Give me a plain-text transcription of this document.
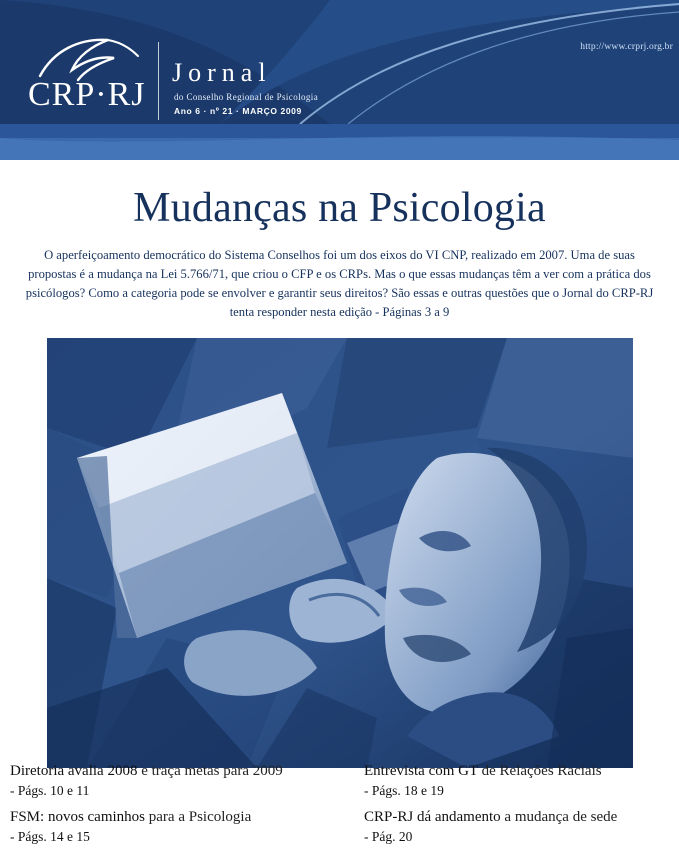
CRP·RJ
Jornal
do Conselho Regional de Psicologia
Ano 6 · nº 21 · MARÇO 2009
http://www.crprj.org.br
Mudanças na Psicologia

O aperfeiçoamento democrático do Sistema Conselhos foi um dos eixos do VI CNP, realizado em 2007. Uma de suas propostas é a mudança na Lei 5.766/71, que criou o CFP e os CRPs. Mas o que essas mudanças têm a ver com a prática dos psicólogos? Como a categoria pode se envolver e garantir seus direitos? São essas e outras questões que o Jornal do CRP-RJ tenta responder nesta edição - Páginas 3 a 9

Diretoria avalia 2008 e traça metas para 2009
- Págs. 10 e 11
Entrevista com GT de Relações Raciais
- Págs. 18 e 19
FSM: novos caminhos para a Psicologia
- Págs. 14 e 15
CRP-RJ dá andamento a mudança de sede
- Pág. 20
